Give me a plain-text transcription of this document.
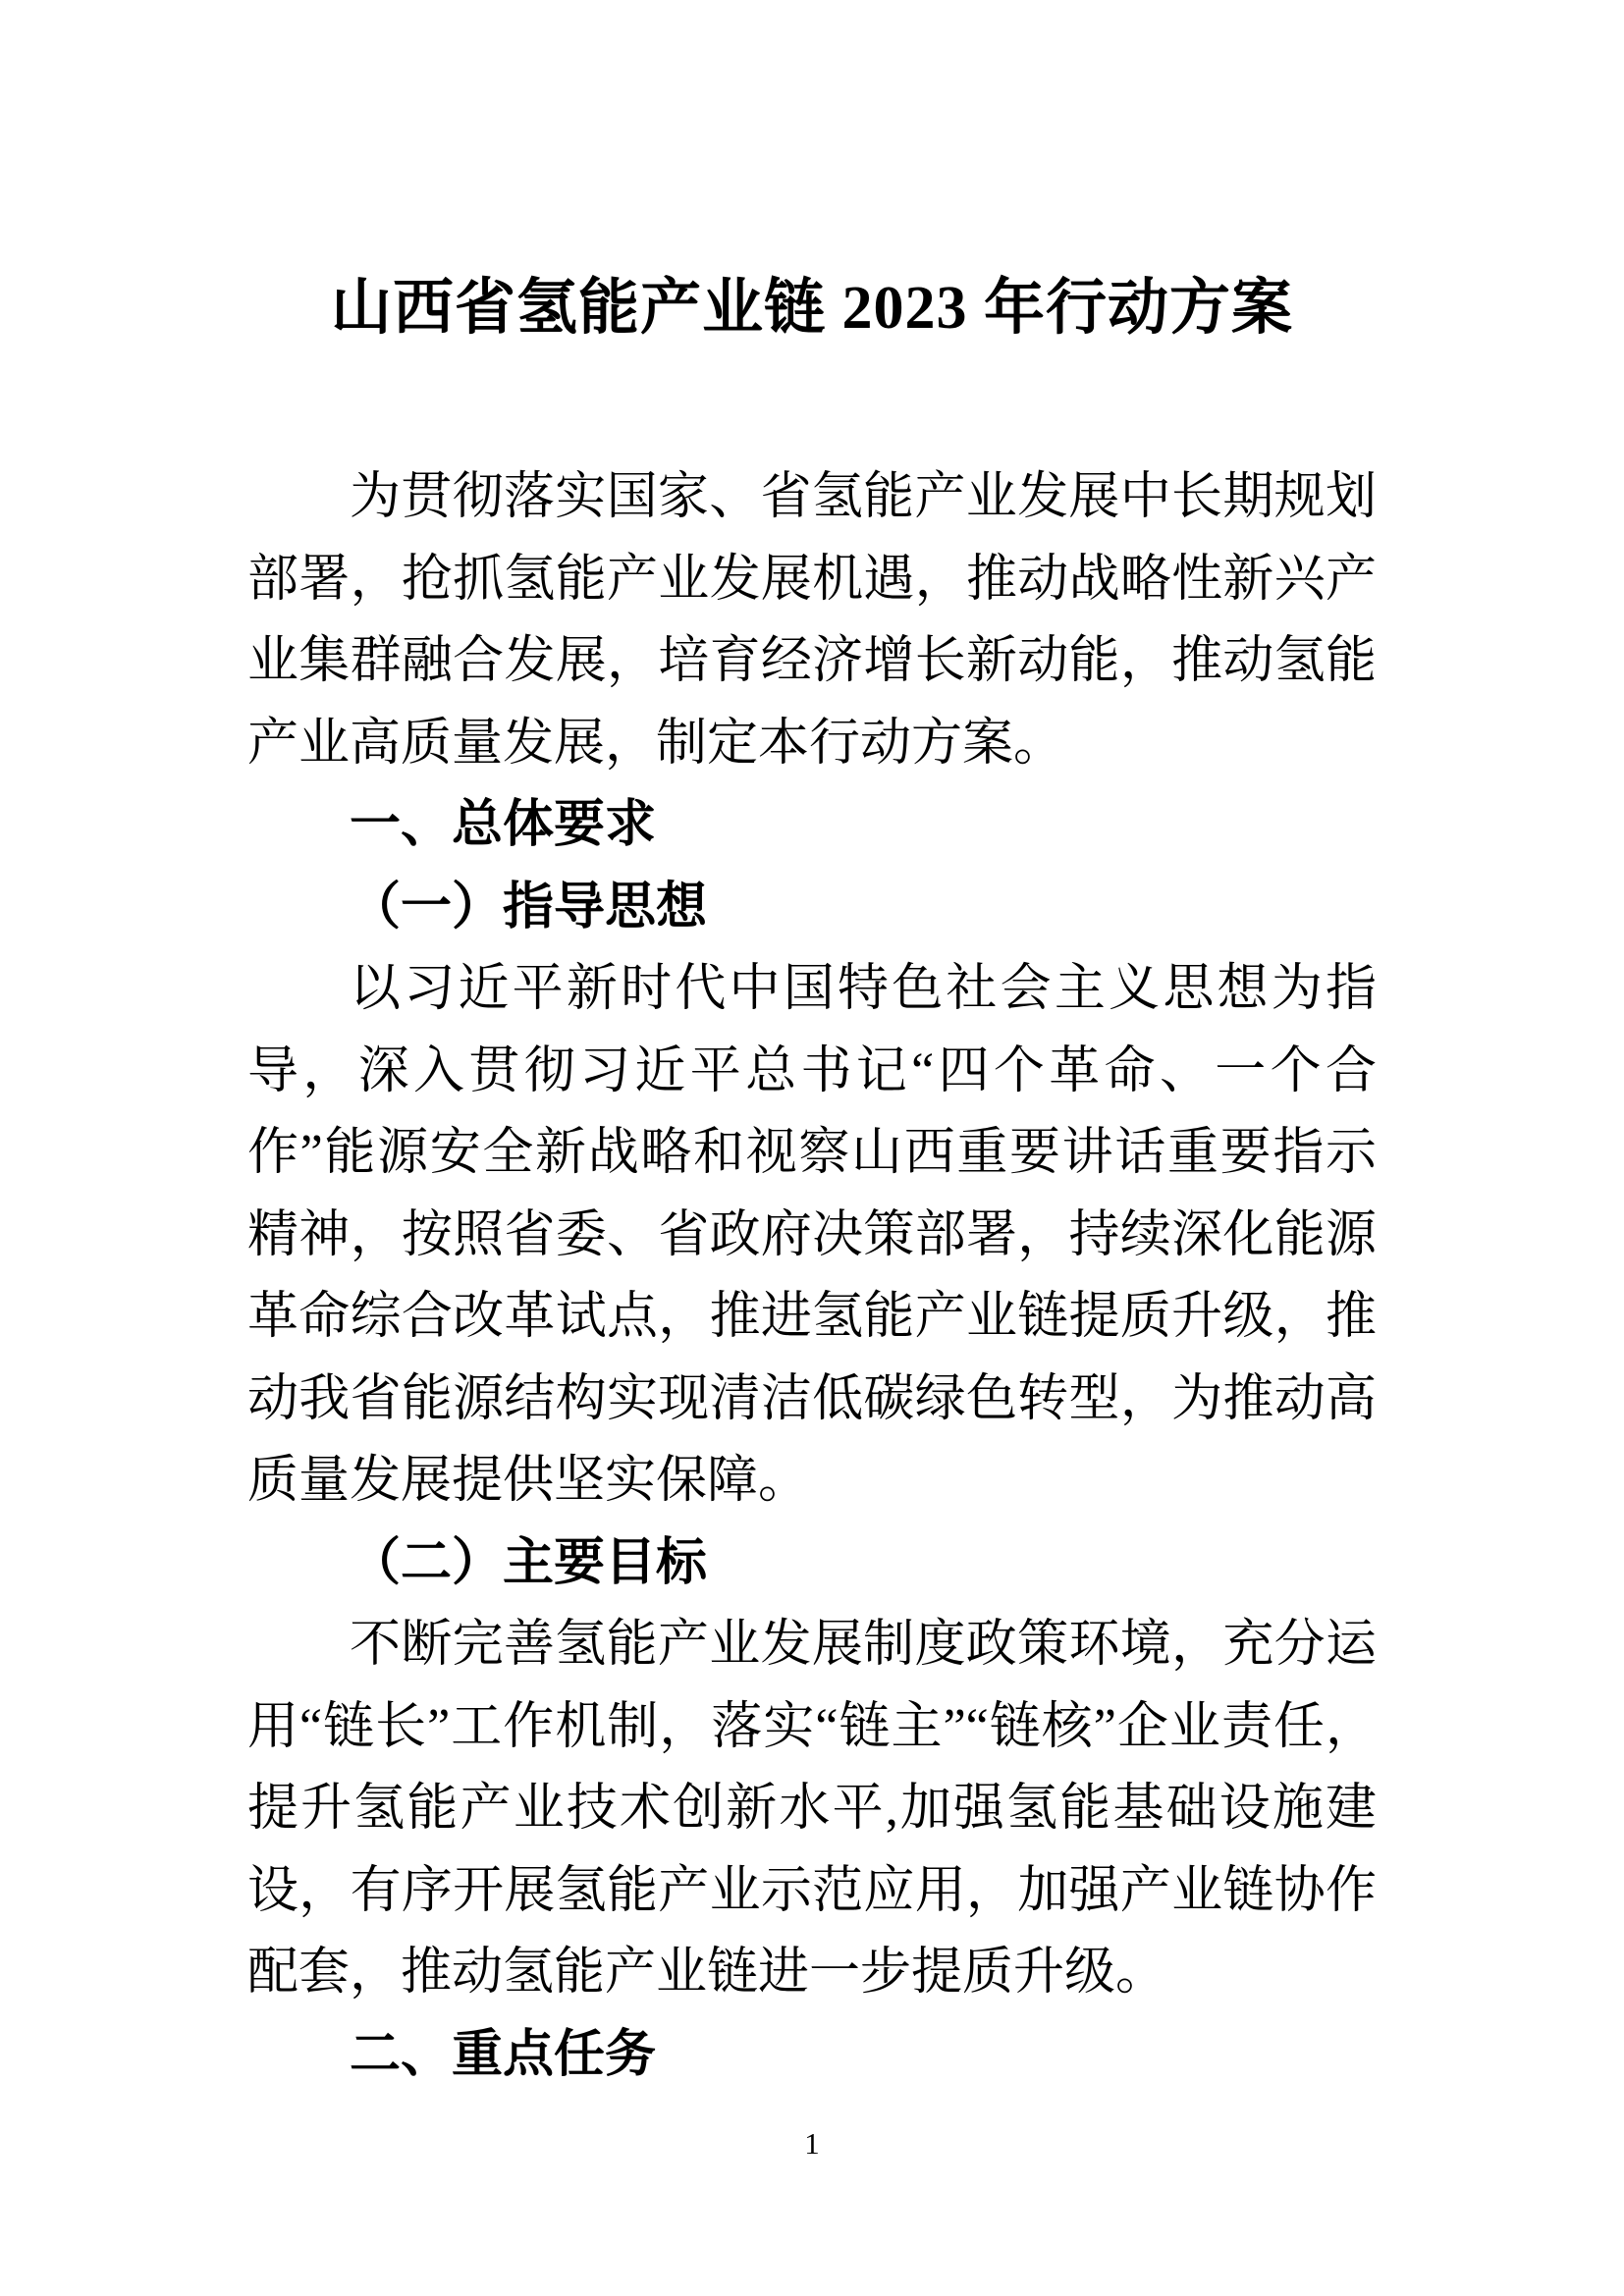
山西省氢能产业链 2023 年行动方案

为贯彻落实国家、省氢能产业发展中长期规划部署，抢抓氢能产业发展机遇，推动战略性新兴产业集群融合发展，培育经济增长新动能，推动氢能产业高质量发展，制定本行动方案。

一、总体要求
（一）指导思想

以习近平新时代中国特色社会主义思想为指导，深入贯彻习近平总书记“四个革命、一个合作”能源安全新战略和视察山西重要讲话重要指示精神，按照省委、省政府决策部署，持续深化能源革命综合改革试点，推进氢能产业链提质升级，推动我省能源结构实现清洁低碳绿色转型，为推动高质量发展提供坚实保障。

（二）主要目标

不断完善氢能产业发展制度政策环境，充分运用“链长”工作机制，落实“链主”“链核”企业责任，提升氢能产业技术创新水平,加强氢能基础设施建设，有序开展氢能产业示范应用，加强产业链协作配套，推动氢能产业链进一步提质升级。

二、重点任务
1
